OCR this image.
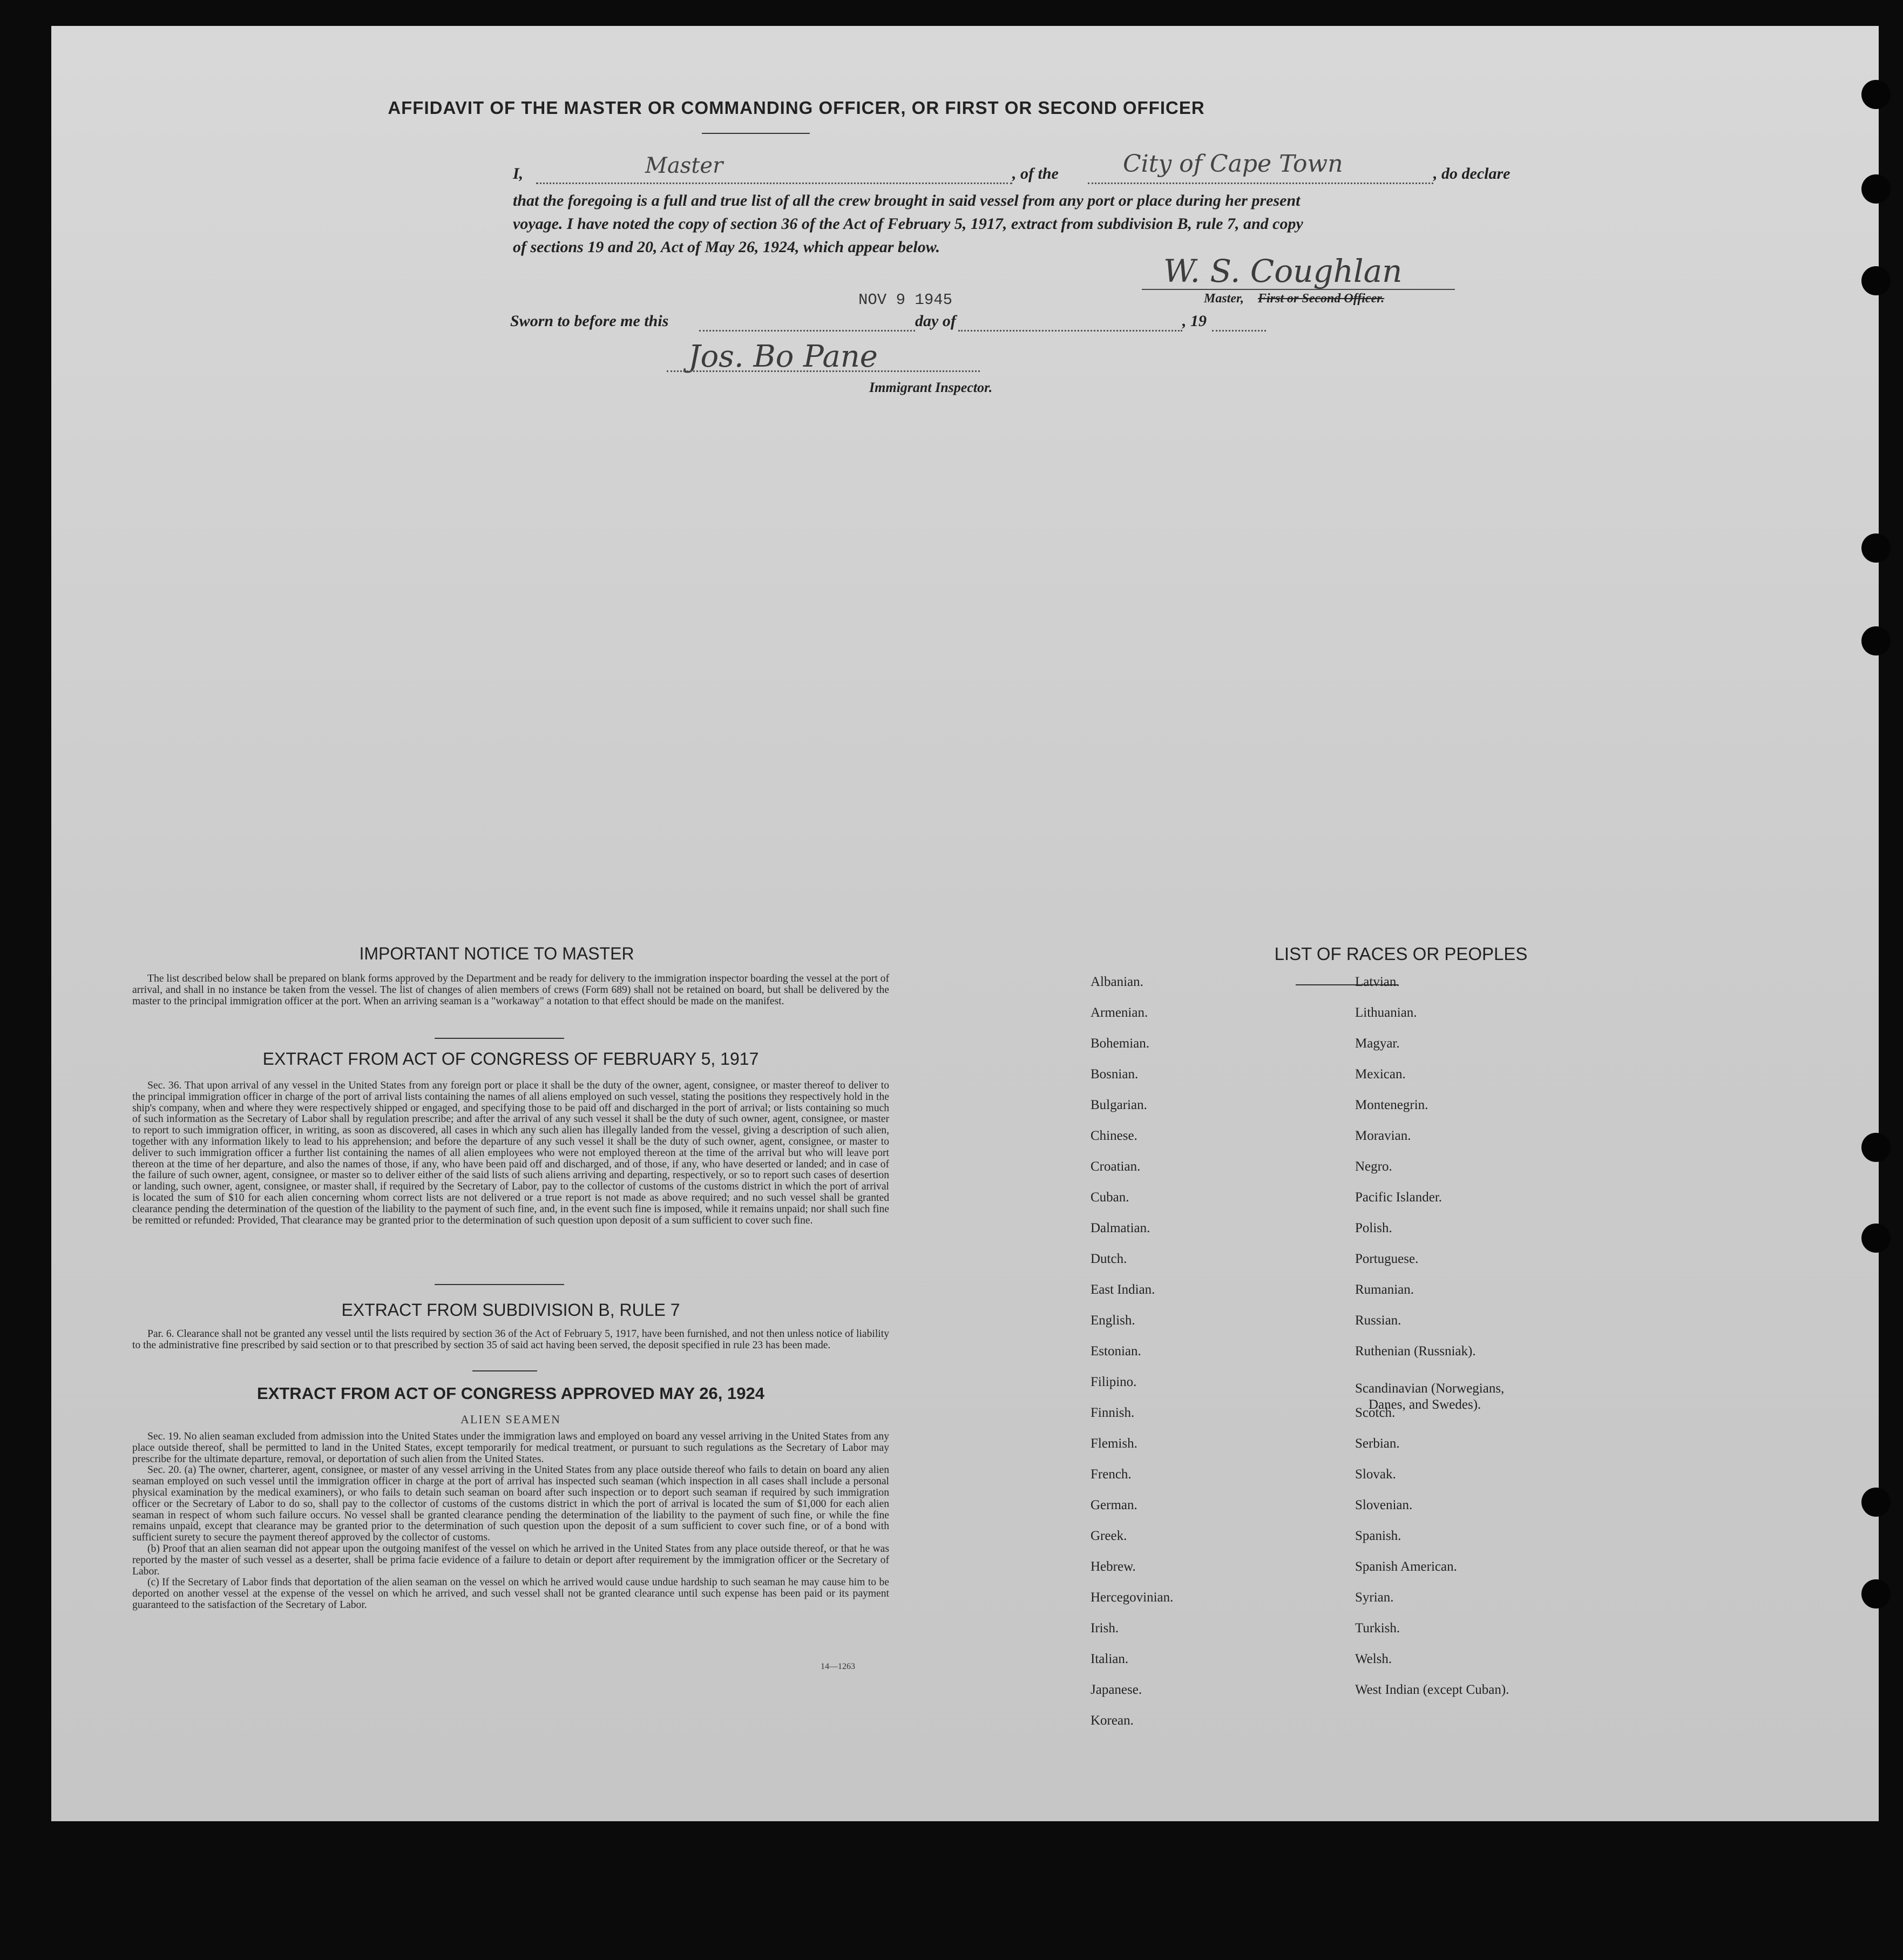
AFFIDAVIT OF THE MASTER OR COMMANDING OFFICER, OR FIRST OR SECOND OFFICER
I,	Master	, of the	City of Cape Town	, do declare
that the foregoing is a full and true list of all the crew brought in said vessel from any port or place during her present
voyage. I have noted the copy of section 36 of the Act of February 5, 1917, extract from subdivision B, rule 7, and copy
of sections 19 and 20, Act of May 26, 1924, which appear below.
W. S. Coughlan
Master, First or Second Officer.
NOV 9 1945
Sworn to before me this	day of	, 19
Jos. Bo Pane
Immigrant Inspector.
IMPORTANT NOTICE TO MASTER

The list described below shall be prepared on blank forms approved by the Department and be ready for delivery to the immigration inspector boarding the vessel at the port of arrival, and shall in no instance be taken from the vessel. The list of changes of alien members of crews (Form 689) shall not be retained on board, but shall be delivered by the master to the principal immigration officer at the port. When an arriving seaman is a "workaway" a notation to that effect should be made on the manifest.

EXTRACT FROM ACT OF CONGRESS OF FEBRUARY 5, 1917

Sec. 36. That upon arrival of any vessel in the United States from any foreign port or place it shall be the duty of the owner, agent, consignee, or master thereof to deliver to the principal immigration officer in charge of the port of arrival lists containing the names of all aliens employed on such vessel, stating the positions they respectively hold in the ship's company, when and where they were respectively shipped or engaged, and specifying those to be paid off and discharged in the port of arrival; or lists containing so much of such information as the Secretary of Labor shall by regulation prescribe; and after the arrival of any such vessel it shall be the duty of such owner, agent, consignee, or master to report to such immigration officer, in writing, as soon as discovered, all cases in which any such alien has illegally landed from the vessel, giving a description of such alien, together with any information likely to lead to his apprehension; and before the departure of any such vessel it shall be the duty of such owner, agent, consignee, or master to deliver to such immigration officer a further list containing the names of all alien employees who were not employed thereon at the time of the arrival but who will leave port thereon at the time of her departure, and also the names of those, if any, who have been paid off and discharged, and of those, if any, who have deserted or landed; and in case of the failure of such owner, agent, consignee, or master so to deliver either of the said lists of such aliens arriving and departing, respectively, or so to report such cases of desertion or landing, such owner, agent, consignee, or master shall, if required by the Secretary of Labor, pay to the collector of customs of the customs district in which the port of arrival is located the sum of $10 for each alien concerning whom correct lists are not delivered or a true report is not made as above required; and no such vessel shall be granted clearance pending the determination of the question of the liability to the payment of such fine, and, in the event such fine is imposed, while it remains unpaid; nor shall such fine be remitted or refunded: Provided, That clearance may be granted prior to the determination of such question upon deposit of a sum sufficient to cover such fine.

EXTRACT FROM SUBDIVISION B, RULE 7

Par. 6. Clearance shall not be granted any vessel until the lists required by section 36 of the Act of February 5, 1917, have been furnished, and not then unless notice of liability to the administrative fine prescribed by said section or to that prescribed by section 35 of said act having been served, the deposit specified in rule 23 has been made.

EXTRACT FROM ACT OF CONGRESS APPROVED MAY 26, 1924
ALIEN SEAMEN

Sec. 19. No alien seaman excluded from admission into the United States under the immigration laws and employed on board any vessel arriving in the United States from any place outside thereof, shall be permitted to land in the United States, except temporarily for medical treatment, or pursuant to such regulations as the Secretary of Labor may prescribe for the ultimate departure, removal, or deportation of such alien from the United States.

Sec. 20. (a) The owner, charterer, agent, consignee, or master of any vessel arriving in the United States from any place outside thereof who fails to detain on board any alien seaman employed on such vessel until the immigration officer in charge at the port of arrival has inspected such seaman (which inspection in all cases shall include a personal physical examination by the medical examiners), or who fails to detain such seaman on board after such inspection or to deport such seaman if required by such immigration officer or the Secretary of Labor to do so, shall pay to the collector of customs of the customs district in which the port of arrival is located the sum of $1,000 for each alien seaman in respect of whom such failure occurs. No vessel shall be granted clearance pending the determination of the liability to the payment of such fine, or while the fine remains unpaid, except that clearance may be granted prior to the determination of such question upon the deposit of a sum sufficient to cover such fine, or of a bond with sufficient surety to secure the payment thereof approved by the collector of customs.

(b) Proof that an alien seaman did not appear upon the outgoing manifest of the vessel on which he arrived in the United States from any place outside thereof, or that he was reported by the master of such vessel as a deserter, shall be prima facie evidence of a failure to detain or deport after requirement by the immigration officer or the Secretary of Labor.

(c) If the Secretary of Labor finds that deportation of the alien seaman on the vessel on which he arrived would cause undue hardship to such seaman he may cause him to be deported on another vessel at the expense of the vessel on which he arrived, and such vessel shall not be granted clearance until such expense has been paid or its payment guaranteed to the satisfaction of the Secretary of Labor.

14—1263
LIST OF RACES OR PEOPLES
Albanian.
Armenian.
Bohemian.
Bosnian.
Bulgarian.
Chinese.
Croatian.
Cuban.
Dalmatian.
Dutch.
East Indian.
English.
Estonian.
Filipino.
Finnish.
Flemish.
French.
German.
Greek.
Hebrew.
Hercegovinian.
Irish.
Italian.
Japanese.
Korean.
Latvian.
Lithuanian.
Magyar.
Mexican.
Montenegrin.
Moravian.
Negro.
Pacific Islander.
Polish.
Portuguese.
Rumanian.
Russian.
Ruthenian (Russniak).
Scandinavian (Norwegians,
Danes, and Swedes).
Scotch.
Serbian.
Slovak.
Slovenian.
Spanish.
Spanish American.
Syrian.
Turkish.
Welsh.
West Indian (except Cuban).
